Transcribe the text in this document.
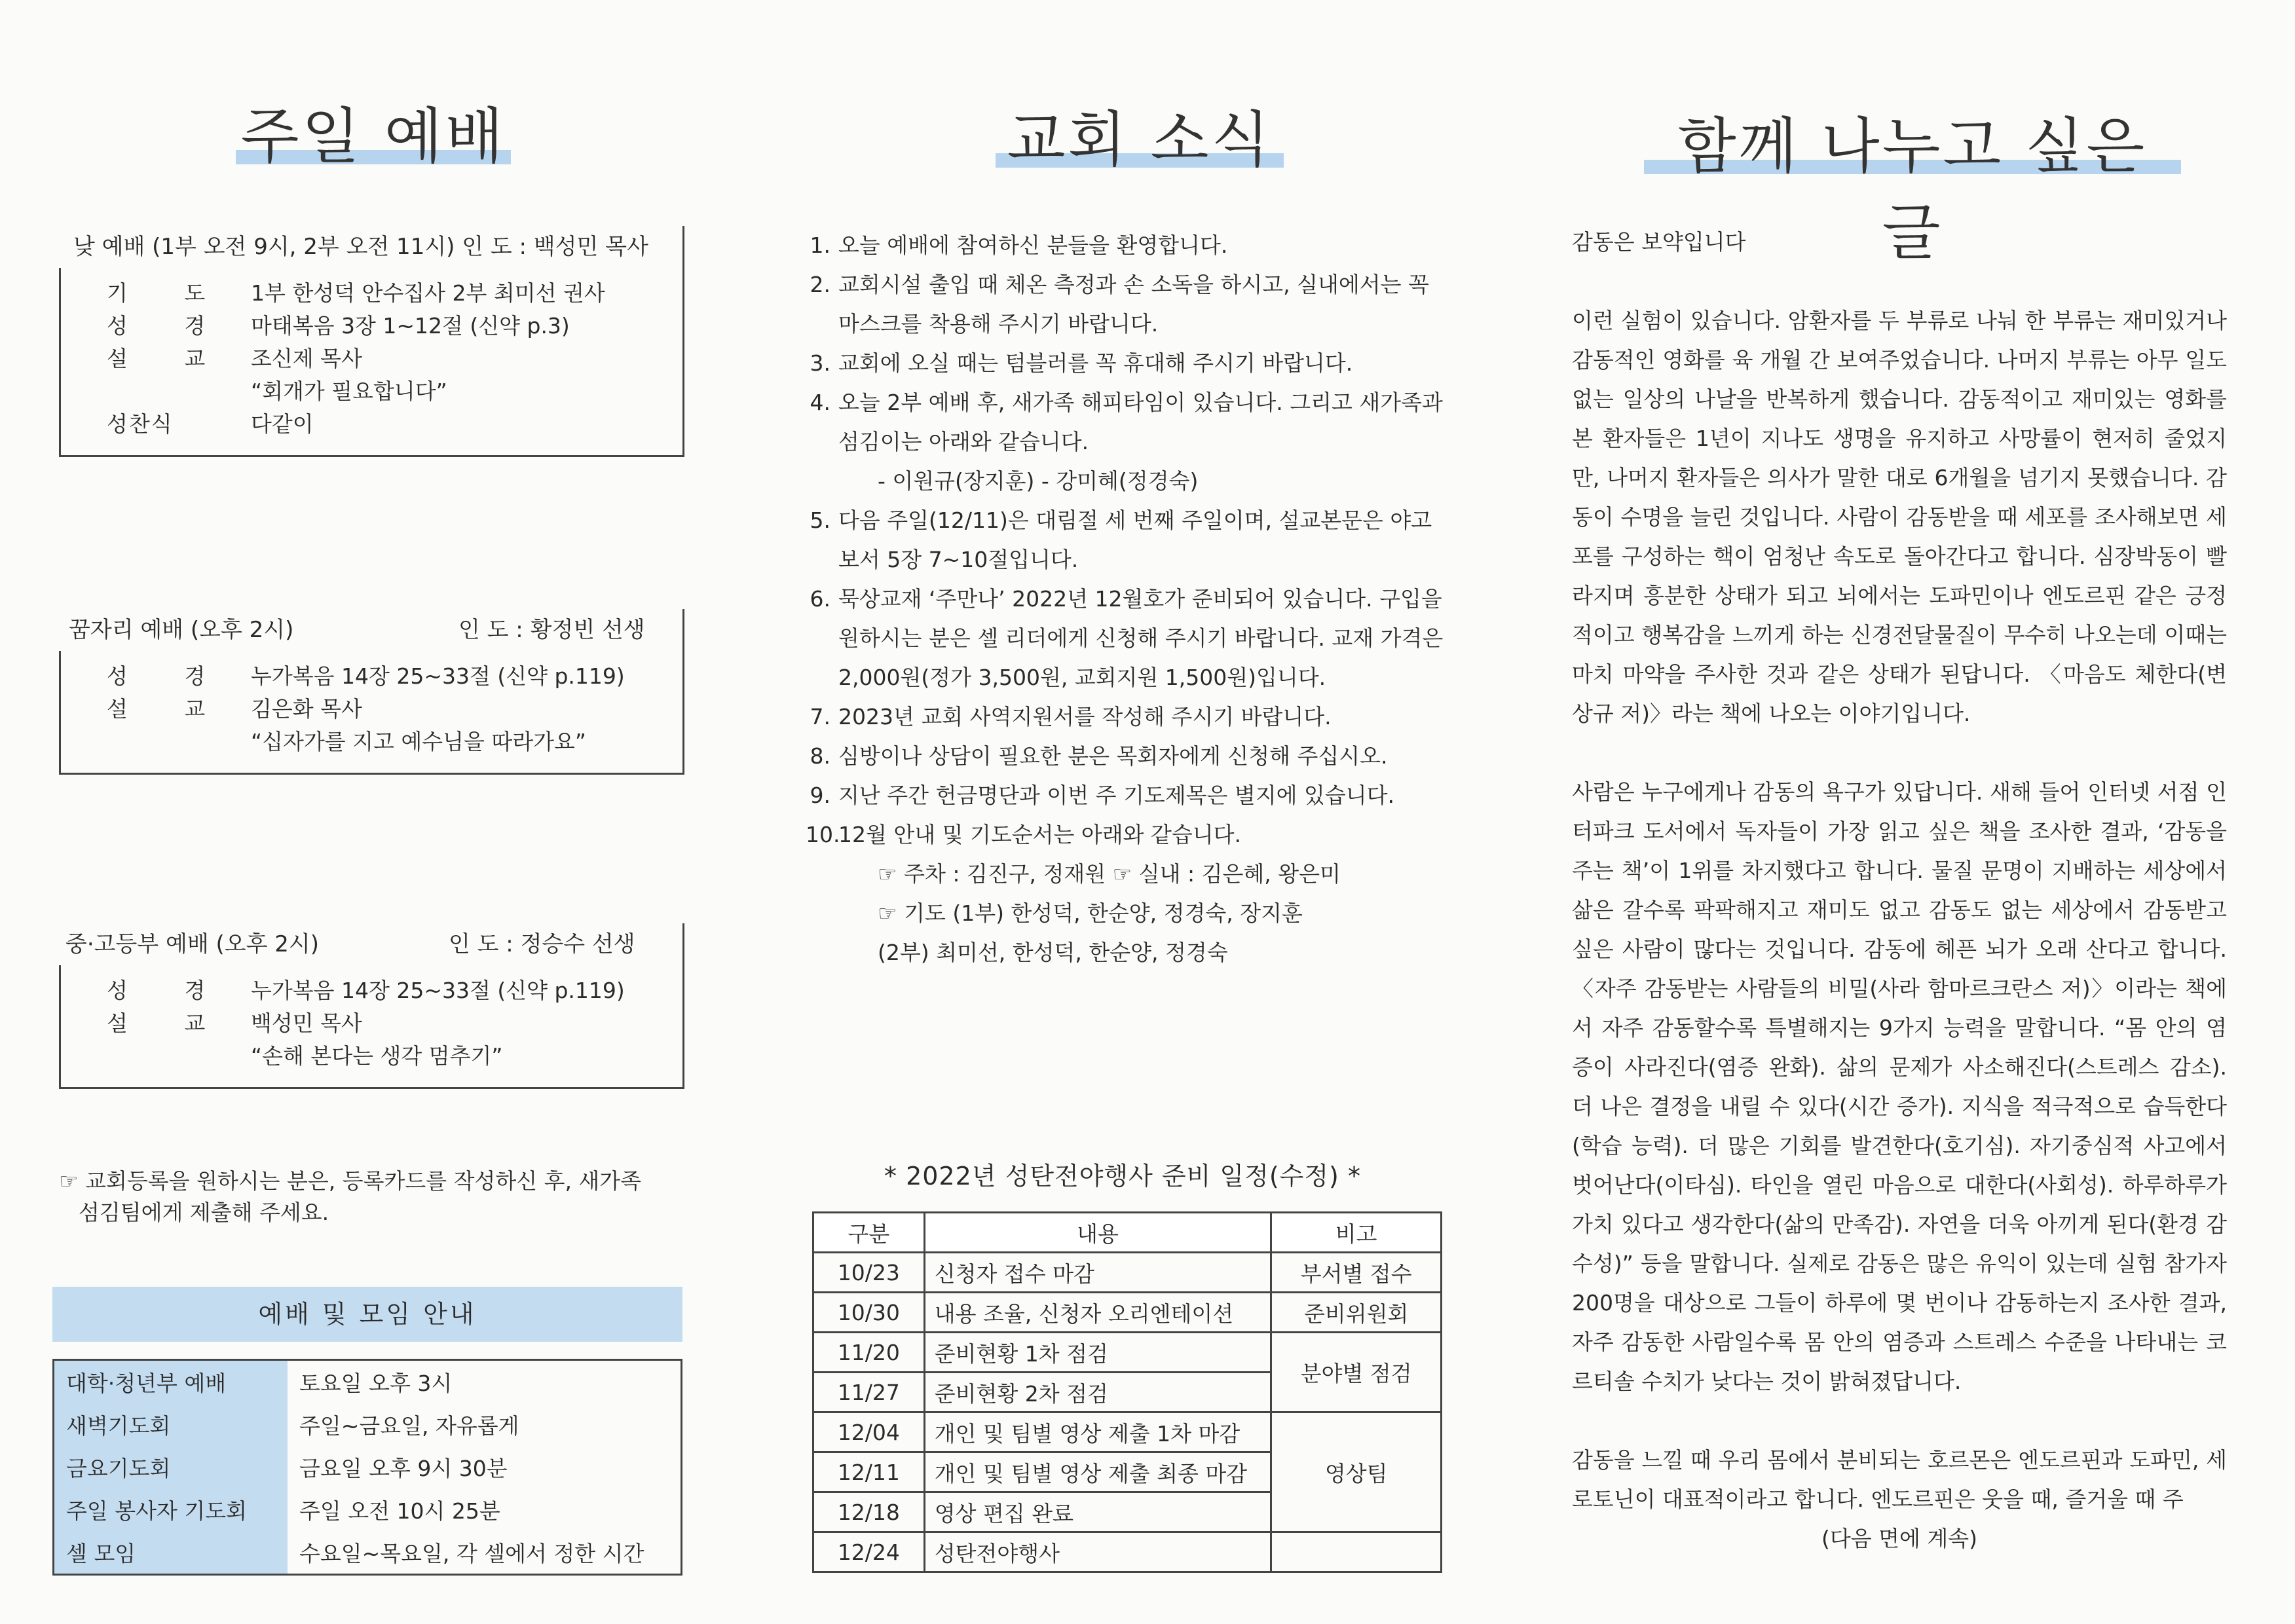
주일 예배
낮 예배 (1부 오전 9시, 2부 오전 11시) 인 도 : 백성민 목사
기 도 1부 한성덕 안수집사 2부 최미선 권사
성 경 마태복음 3장 1~12절 (신약 p.3)
설 교 조신제 목사
“회개가 필요합니다”
성찬식	다같이
꿈자리 예배 (오후 2시)	인 도 : 황정빈 선생
성 경 누가복음 14장 25~33절 (신약 p.119)
설 교 김은화 목사
“십자가를 지고 예수님을 따라가요”
중·고등부 예배 (오후 2시)	인 도 : 정승수 선생
성 경 누가복음 14장 25~33절 (신약 p.119)
설 교 백성민 목사
“손해 본다는 생각 멈추기”
☞ 교회등록을 원하시는 분은, 등록카드를 작성하신 후, 새가족
섬김팀에게 제출해 주세요.
예배 및 모임 안내
대학·청년부 예배	토요일 오후 3시
새벽기도회	주일~금요일, 자유롭게
금요기도회	금요일 오후 9시 30분
주일 봉사자 기도회	주일 오전 10시 25분
셀 모임	수요일~목요일, 각 셀에서 정한 시간
교회 소식
1. 오늘 예배에 참여하신 분들을 환영합니다.
2. 교회시설 출입 때 체온 측정과 손 소독을 하시고, 실내에서는 꼭
마스크를 착용해 주시기 바랍니다.
3. 교회에 오실 때는 텀블러를 꼭 휴대해 주시기 바랍니다.
4. 오늘 2부 예배 후, 새가족 해피타임이 있습니다. 그리고 새가족과
섬김이는 아래와 같습니다.
- 이원규(장지훈) - 강미혜(정경숙)
5. 다음 주일(12/11)은 대림절 세 번째 주일이며, 설교본문은 야고
보서 5장 7~10절입니다.
6. 묵상교재 ‘주만나’ 2022년 12월호가 준비되어 있습니다. 구입을
원하시는 분은 셀 리더에게 신청해 주시기 바랍니다. 교재 가격은
2,000원(정가 3,500원, 교회지원 1,500원)입니다.
7. 2023년 교회 사역지원서를 작성해 주시기 바랍니다.
8. 심방이나 상담이 필요한 분은 목회자에게 신청해 주십시오.
9. 지난 주간 헌금명단과 이번 주 기도제목은 별지에 있습니다.
10.
12월 안내 및 기도순서는 아래와 같습니다.
☞ 주차 : 김진구, 정재원 ☞ 실내 : 김은혜, 왕은미
☞ 기도 (1부) 한성덕, 한순양, 정경숙, 장지훈
(2부) 최미선, 한성덕, 한순양, 정경숙
* 2022년 성탄전야행사 준비 일정(수정) *
구분	내용	비고
10/23	신청자 접수 마감	부서별 접수
10/30	내용 조율, 신청자 오리엔테이션	준비위원회
11/20	준비현황 1차 점검	분야별 점검
11/27	준비현황 2차 점검	
12/04	개인 및 팀별 영상 제출 1차 마감	영상팀
12/11	개인 및 팀별 영상 제출 최종 마감	
12/18	영상 편집 완료	
12/24	성탄전야행사	
함께 나누고 싶은 글

감동은 보약입니다

이런 실험이 있습니다. 암환자를 두 부류로 나눠 한 부류는 재미있거나 감동적인 영화를 육 개월 간 보여주었습니다. 나머지 부류는 아무 일도 없는 일상의 나날을 반복하게 했습니다. 감동적이고 재미있는 영화를 본 환자들은 1년이 지나도 생명을 유지하고 사망률이 현저히 줄었지만, 나머지 환자들은 의사가 말한 대로 6개월을 넘기지 못했습니다. 감동이 수명을 늘린 것입니다. 사람이 감동받을 때 세포를 조사해보면 세포를 구성하는 핵이 엄청난 속도로 돌아간다고 합니다. 심장박동이 빨라지며 흥분한 상태가 되고 뇌에서는 도파민이나 엔도르핀 같은 긍정적이고 행복감을 느끼게 하는 신경전달물질이 무수히 나오는데 이때는 마치 마약을 주사한 것과 같은 상태가 된답니다. 〈마음도 체한다(변상규 저)〉라는 책에 나오는 이야기입니다.

사람은 누구에게나 감동의 욕구가 있답니다. 새해 들어 인터넷 서점 인터파크 도서에서 독자들이 가장 읽고 싶은 책을 조사한 결과, ‘감동을 주는 책’이 1위를 차지했다고 합니다. 물질 문명이 지배하는 세상에서 삶은 갈수록 팍팍해지고 재미도 없고 감동도 없는 세상에서 감동받고 싶은 사람이 많다는 것입니다. 감동에 헤픈 뇌가 오래 산다고 합니다. 〈자주 감동받는 사람들의 비밀(사라 함마르크란스 저)〉이라는 책에서 자주 감동할수록 특별해지는 9가지 능력을 말합니다. “몸 안의 염증이 사라진다(염증 완화). 삶의 문제가 사소해진다(스트레스 감소). 더 나은 결정을 내릴 수 있다(시간 증가). 지식을 적극적으로 습득한다(학습 능력). 더 많은 기회를 발견한다(호기심). 자기중심적 사고에서 벗어난다(이타심). 타인을 열린 마음으로 대한다(사회성). 하루하루가 가치 있다고 생각한다(삶의 만족감). 자연을 더욱 아끼게 된다(환경 감수성)” 등을 말합니다. 실제로 감동은 많은 유익이 있는데 실험 참가자 200명을 대상으로 그들이 하루에 몇 번이나 감동하는지 조사한 결과, 자주 감동한 사람일수록 몸 안의 염증과 스트레스 수준을 나타내는 코르티솔 수치가 낮다는 것이 밝혀졌답니다.

감동을 느낄 때 우리 몸에서 분비되는 호르몬은 엔도르핀과 도파민, 세로토닌이 대표적이라고 합니다. 엔도르핀은 웃을 때, 즐거울 때 주

(다음 면에 계속)
